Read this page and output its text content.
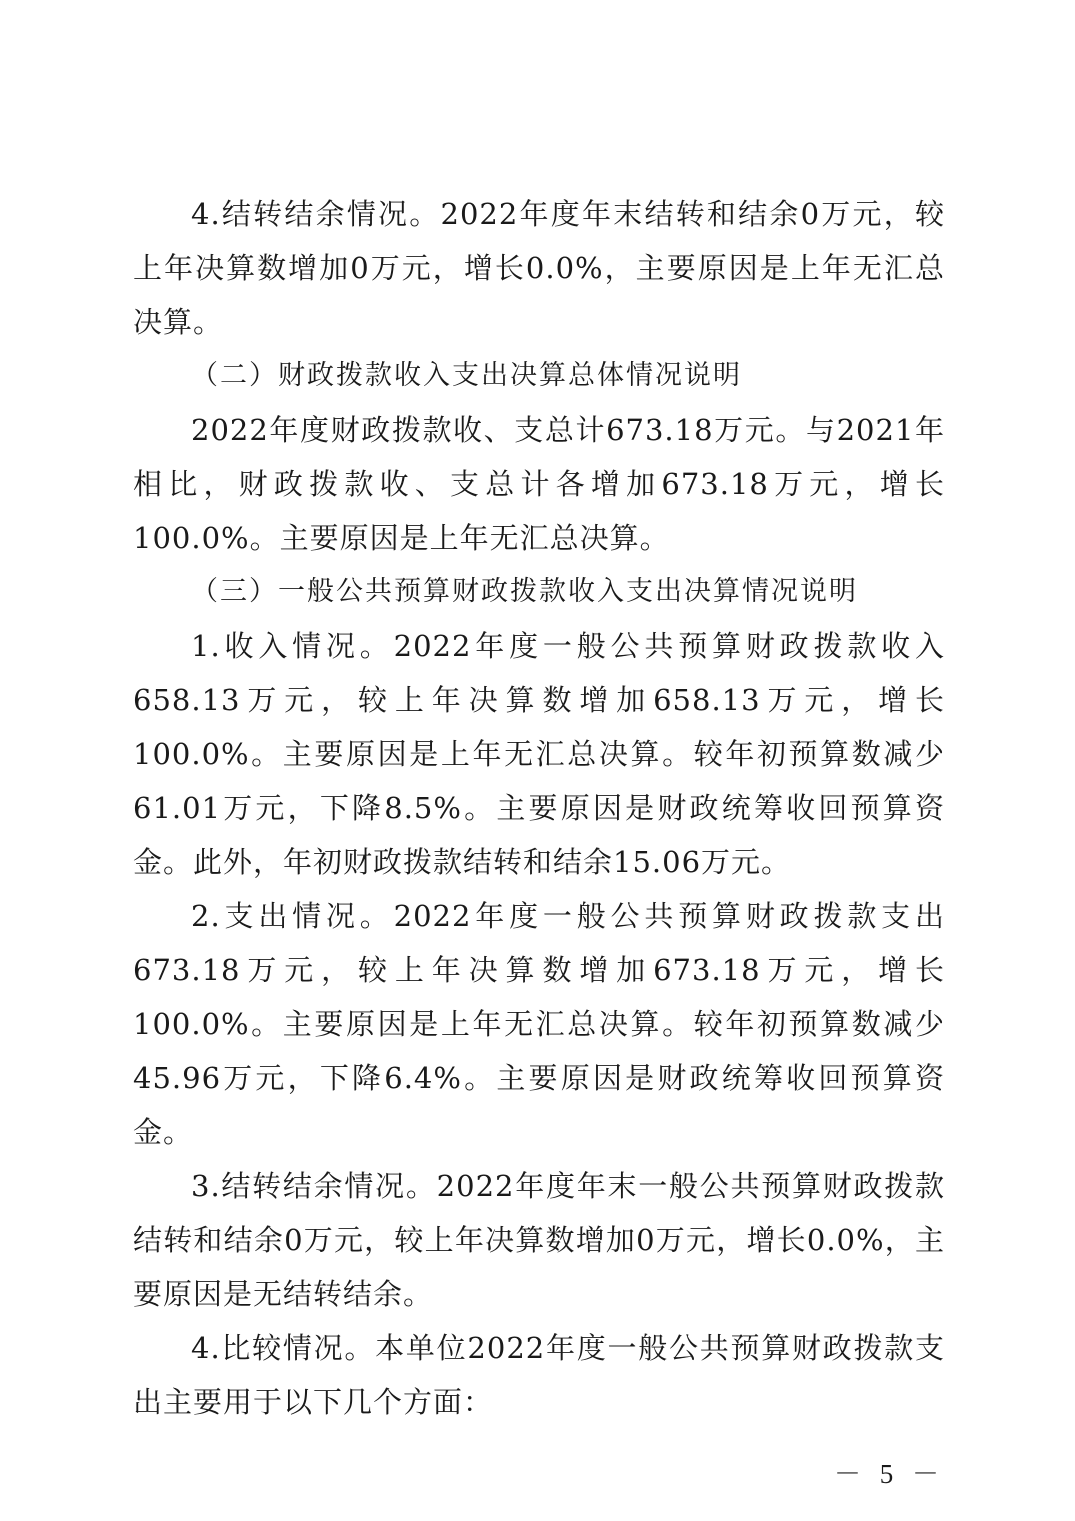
4.结转结余情况。2022年度年末结转和结余0万元，较上年决算数增加0万元，增长0.0%，主要原因是上年无汇总决算。

（二）财政拨款收入支出决算总体情况说明

2022年度财政拨款收、支总计673.18万元。与2021年相比，财政拨款收、支总计各增加673.18万元，增长100.0%。主要原因是上年无汇总决算。

（三）一般公共预算财政拨款收入支出决算情况说明

1.收入情况。2022年度一般公共预算财政拨款收入658.13万元，较上年决算数增加658.13万元，增长100.0%。主要原因是上年无汇总决算。较年初预算数减少61.01万元，下降8.5%。主要原因是财政统筹收回预算资金。此外，年初财政拨款结转和结余15.06万元。

2.支出情况。2022年度一般公共预算财政拨款支出673.18万元，较上年决算数增加673.18万元，增长100.0%。主要原因是上年无汇总决算。较年初预算数减少45.96万元，下降6.4%。主要原因是财政统筹收回预算资金。

3.结转结余情况。2022年度年末一般公共预算财政拨款结转和结余0万元，较上年决算数增加0万元，增长0.0%，主要原因是无结转结余。

4.比较情况。本单位2022年度一般公共预算财政拨款支出主要用于以下几个方面：

－ 5 －
